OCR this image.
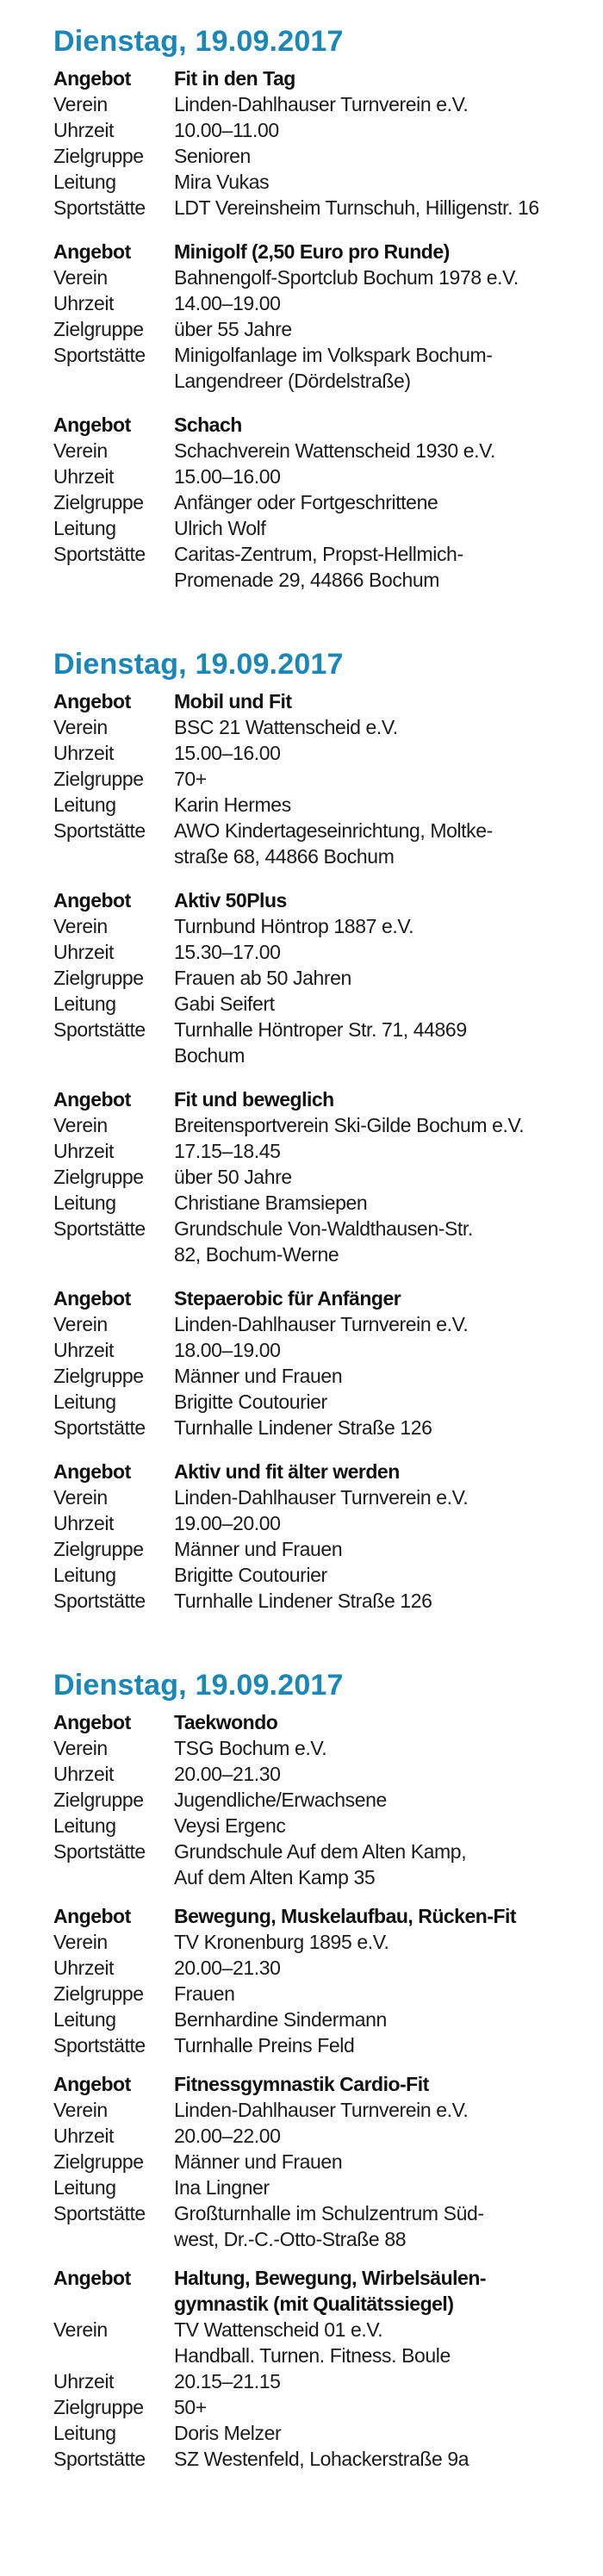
Dienstag, 19.09.2017
Angebot	Fit in den Tag
Verein	Linden-Dahlhauser Turnverein e.V.
Uhrzeit	10.00–11.00
Zielgruppe	Senioren
Leitung	Mira Vukas
Sportstätte	LDT Vereinsheim Turnschuh, Hilligenstr. 16
Angebot	Minigolf (2,50 Euro pro Runde)
Verein	Bahnengolf-Sportclub Bochum 1978 e.V.
Uhrzeit	14.00–19.00
Zielgruppe	über 55 Jahre
Sportstätte	Minigolfanlage im Volkspark Bochum-
Langendreer (Dördelstraße)
Angebot	Schach
Verein	Schachverein Wattenscheid 1930 e.V.
Uhrzeit	15.00–16.00
Zielgruppe	Anfänger oder Fortgeschrittene
Leitung	Ulrich Wolf
Sportstätte	Caritas-Zentrum, Propst-Hellmich-
Promenade 29, 44866 Bochum
Dienstag, 19.09.2017
Angebot	Mobil und Fit
Verein	BSC 21 Wattenscheid e.V.
Uhrzeit	15.00–16.00
Zielgruppe	70+
Leitung	Karin Hermes
Sportstätte	AWO Kindertageseinrichtung, Moltke-
straße 68, 44866 Bochum
Angebot	Aktiv 50Plus
Verein	Turnbund Höntrop 1887 e.V.
Uhrzeit	15.30–17.00
Zielgruppe	Frauen ab 50 Jahren
Leitung	Gabi Seifert
Sportstätte	Turnhalle Höntroper Str. 71, 44869
Bochum
Angebot	Fit und beweglich
Verein	Breitensportverein Ski-Gilde Bochum e.V.
Uhrzeit	17.15–18.45
Zielgruppe	über 50 Jahre
Leitung	Christiane Bramsiepen
Sportstätte	Grundschule Von-Waldthausen-Str.
82, Bochum-Werne
Angebot	Stepaerobic für Anfänger
Verein	Linden-Dahlhauser Turnverein e.V.
Uhrzeit	18.00–19.00
Zielgruppe	Männer und Frauen
Leitung	Brigitte Coutourier
Sportstätte	Turnhalle Lindener Straße 126
Angebot	Aktiv und fit älter werden
Verein	Linden-Dahlhauser Turnverein e.V.
Uhrzeit	19.00–20.00
Zielgruppe	Männer und Frauen
Leitung	Brigitte Coutourier
Sportstätte	Turnhalle Lindener Straße 126
Dienstag, 19.09.2017
Angebot	Taekwondo
Verein	TSG Bochum e.V.
Uhrzeit	20.00–21.30
Zielgruppe	Jugendliche/Erwachsene
Leitung	Veysi Ergenc
Sportstätte	Grundschule Auf dem Alten Kamp,
Auf dem Alten Kamp 35
Angebot	Bewegung, Muskelaufbau, Rücken-Fit
Verein	TV Kronenburg 1895 e.V.
Uhrzeit	20.00–21.30
Zielgruppe	Frauen
Leitung	Bernhardine Sindermann
Sportstätte	Turnhalle Preins Feld
Angebot	Fitnessgymnastik Cardio-Fit
Verein	Linden-Dahlhauser Turnverein e.V.
Uhrzeit	20.00–22.00
Zielgruppe	Männer und Frauen
Leitung	Ina Lingner
Sportstätte	Großturnhalle im Schulzentrum Süd-
west, Dr.-C.-Otto-Straße 88
Angebot	Haltung, Bewegung, Wirbelsäulen-
gymnastik (mit Qualitätssiegel)
Verein	TV Wattenscheid 01 e.V.
Handball. Turnen. Fitness. Boule
Uhrzeit	20.15–21.15
Zielgruppe	50+
Leitung	Doris Melzer
Sportstätte	SZ Westenfeld, Lohackerstraße 9a
